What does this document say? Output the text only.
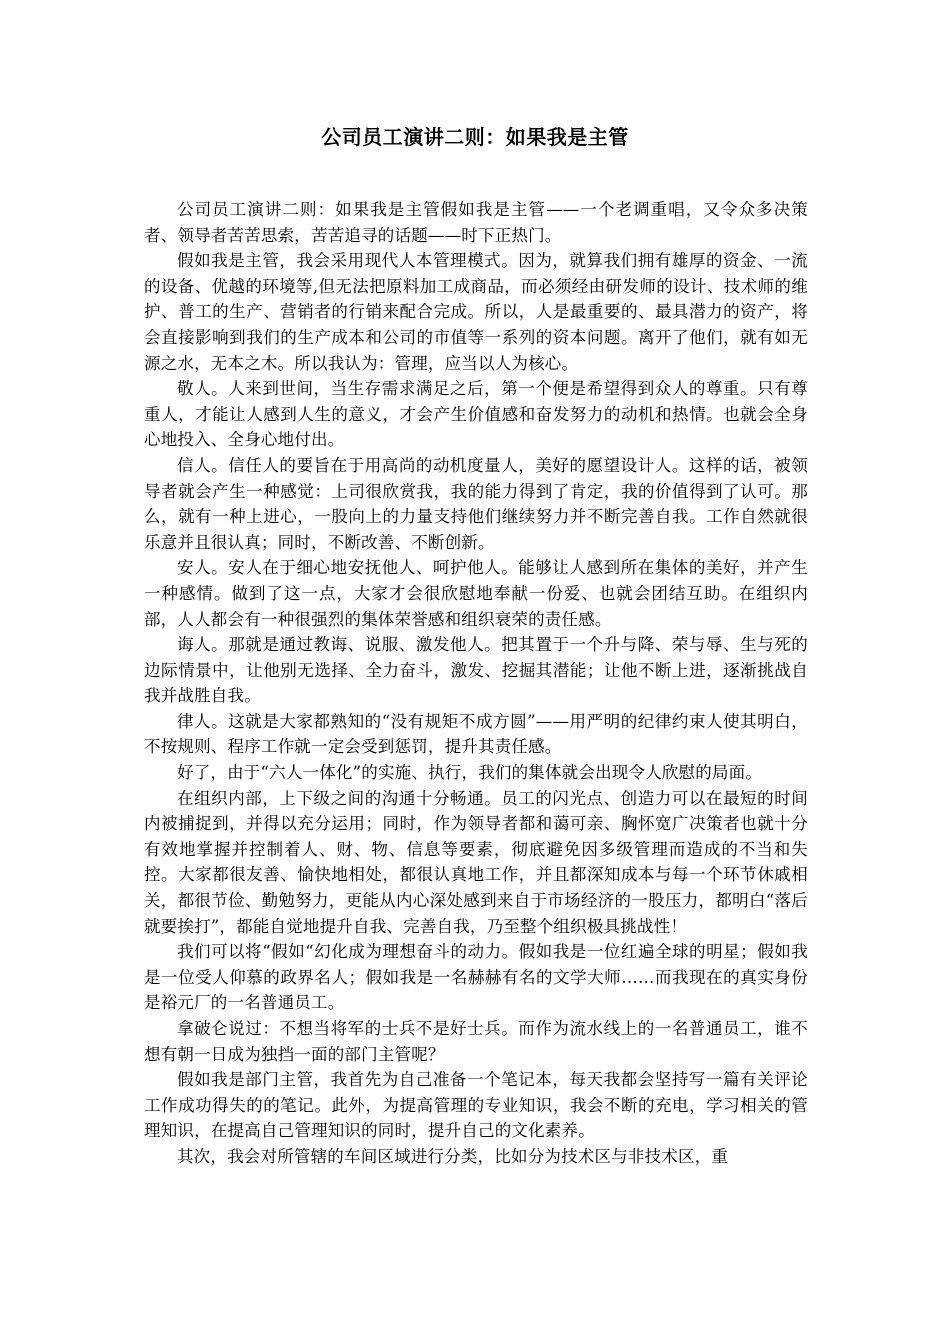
公司员工演讲二则：如果我是主管

公司员工演讲二则：如果我是主管假如我是主管——一个老调重唱，又令众多决策者、领导者苦苦思索，苦苦追寻的话题——时下正热门。

假如我是主管，我会采用现代人本管理模式。因为，就算我们拥有雄厚的资金、一流的设备、优越的环境等,但无法把原料加工成商品，而必须经由研发师的设计、技术师的维护、普工的生产、营销者的行销来配合完成。所以，人是最重要的、最具潜力的资产，将会直接影响到我们的生产成本和公司的市值等一系列的资本问题。离开了他们，就有如无源之水，无本之木。所以我认为：管理，应当以人为核心。

敬人。人来到世间，当生存需求满足之后，第一个便是希望得到众人的尊重。只有尊重人，才能让人感到人生的意义，才会产生价值感和奋发努力的动机和热情。也就会全身心地投入、全身心地付出。

信人。信任人的要旨在于用高尚的动机度量人，美好的愿望设计人。这样的话，被领导者就会产生一种感觉：上司很欣赏我，我的能力得到了肯定，我的价值得到了认可。那么，就有一种上进心，一股向上的力量支持他们继续努力并不断完善自我。工作自然就很乐意并且很认真；同时，不断改善、不断创新。

安人。安人在于细心地安抚他人、呵护他人。能够让人感到所在集体的美好，并产生一种感情。做到了这一点，大家才会很欣慰地奉献一份爱、也就会团结互助。在组织内部，人人都会有一种很强烈的集体荣誉感和组织衰荣的责任感。

诲人。那就是通过教诲、说服、激发他人。把其置于一个升与降、荣与辱、生与死的边际情景中，让他别无选择、全力奋斗，激发、挖掘其潜能；让他不断上进，逐渐挑战自我并战胜自我。

律人。这就是大家都熟知的“没有规矩不成方圆”——用严明的纪律约束人使其明白，不按规则、程序工作就一定会受到惩罚，提升其责任感。

好了，由于“六人一体化”的实施、执行，我们的集体就会出现令人欣慰的局面。

在组织内部，上下级之间的沟通十分畅通。员工的闪光点、创造力可以在最短的时间内被捕捉到，并得以充分运用；同时，作为领导者都和蔼可亲、胸怀宽广决策者也就十分有效地掌握并控制着人、财、物、信息等要素，彻底避免因多级管理而造成的不当和失控。大家都很友善、愉快地相处，都很认真地工作，并且都深知成本与每一个环节休戚相关，都很节俭、勤勉努力，更能从内心深处感到来自于市场经济的一股压力，都明白“落后就要挨打”，都能自觉地提升自我、完善自我，乃至整个组织极具挑战性！

我们可以将“假如“幻化成为理想奋斗的动力。假如我是一位红遍全球的明星；假如我是一位受人仰慕的政界名人；假如我是一名赫赫有名的文学大师……而我现在的真实身份是裕元厂的一名普通员工。

拿破仑说过：不想当将军的士兵不是好士兵。而作为流水线上的一名普通员工，谁不想有朝一日成为独挡一面的部门主管呢？

假如我是部门主管，我首先为自己准备一个笔记本，每天我都会坚持写一篇有关评论工作成功得失的的笔记。此外，为提高管理的专业知识，我会不断的充电，学习相关的管理知识，在提高自己管理知识的同时，提升自己的文化素养。

其次，我会对所管辖的车间区域进行分类，比如分为技术区与非技术区，重
